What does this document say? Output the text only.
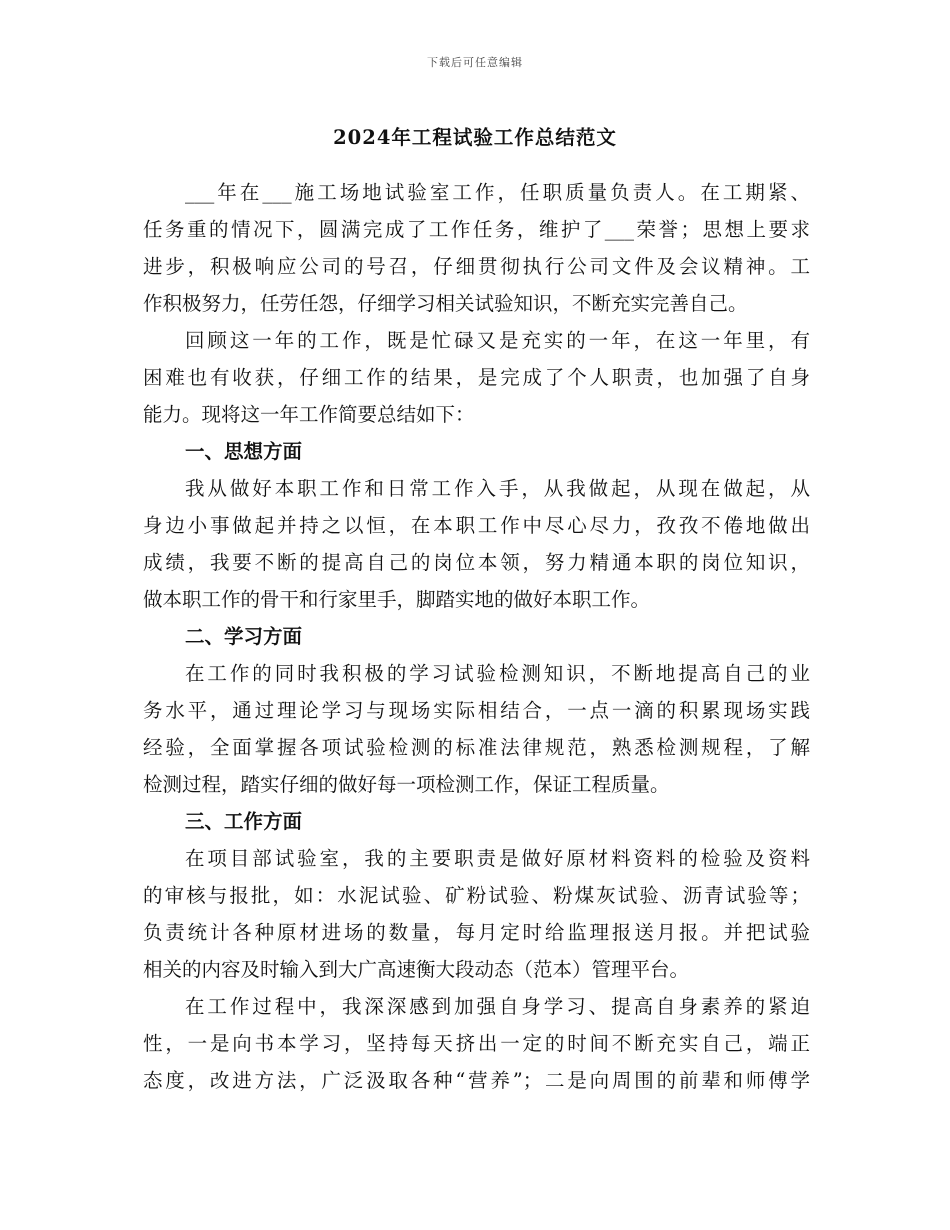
下载后可任意编辑
2024年工程试验工作总结范文
___年在___施工场地试验室工作，任职质量负责人。在工期紧、
任务重的情况下，圆满完成了工作任务，维护了___荣誉；思想上要求
进步，积极响应公司的号召，仔细贯彻执行公司文件及会议精神。工
作积极努力，任劳任怨，仔细学习相关试验知识，不断充实完善自己。
回顾这一年的工作，既是忙碌又是充实的一年，在这一年里，有
困难也有收获，仔细工作的结果，是完成了个人职责，也加强了自身
能力。现将这一年工作简要总结如下：
一、思想方面
我从做好本职工作和日常工作入手，从我做起，从现在做起，从
身边小事做起并持之以恒，在本职工作中尽心尽力，孜孜不倦地做出
成绩，我要不断的提高自己的岗位本领，努力精通本职的岗位知识，
做本职工作的骨干和行家里手，脚踏实地的做好本职工作。
二、学习方面
在工作的同时我积极的学习试验检测知识，不断地提高自己的业
务水平，通过理论学习与现场实际相结合，一点一滴的积累现场实践
经验，全面掌握各项试验检测的标准法律规范，熟悉检测规程，了解
检测过程，踏实仔细的做好每一项检测工作，保证工程质量。
三、工作方面
在项目部试验室，我的主要职责是做好原材料资料的检验及资料
的审核与报批，如：水泥试验、矿粉试验、粉煤灰试验、沥青试验等；
负责统计各种原材进场的数量，每月定时给监理报送月报。并把试验
相关的内容及时输入到大广高速衡大段动态（范本）管理平台。
在工作过程中，我深深感到加强自身学习、提高自身素养的紧迫
性，一是向书本学习，坚持每天挤出一定的时间不断充实自己，端正
态度，改进方法，广泛汲取各种“营养”；二是向周围的前辈和师傅学
